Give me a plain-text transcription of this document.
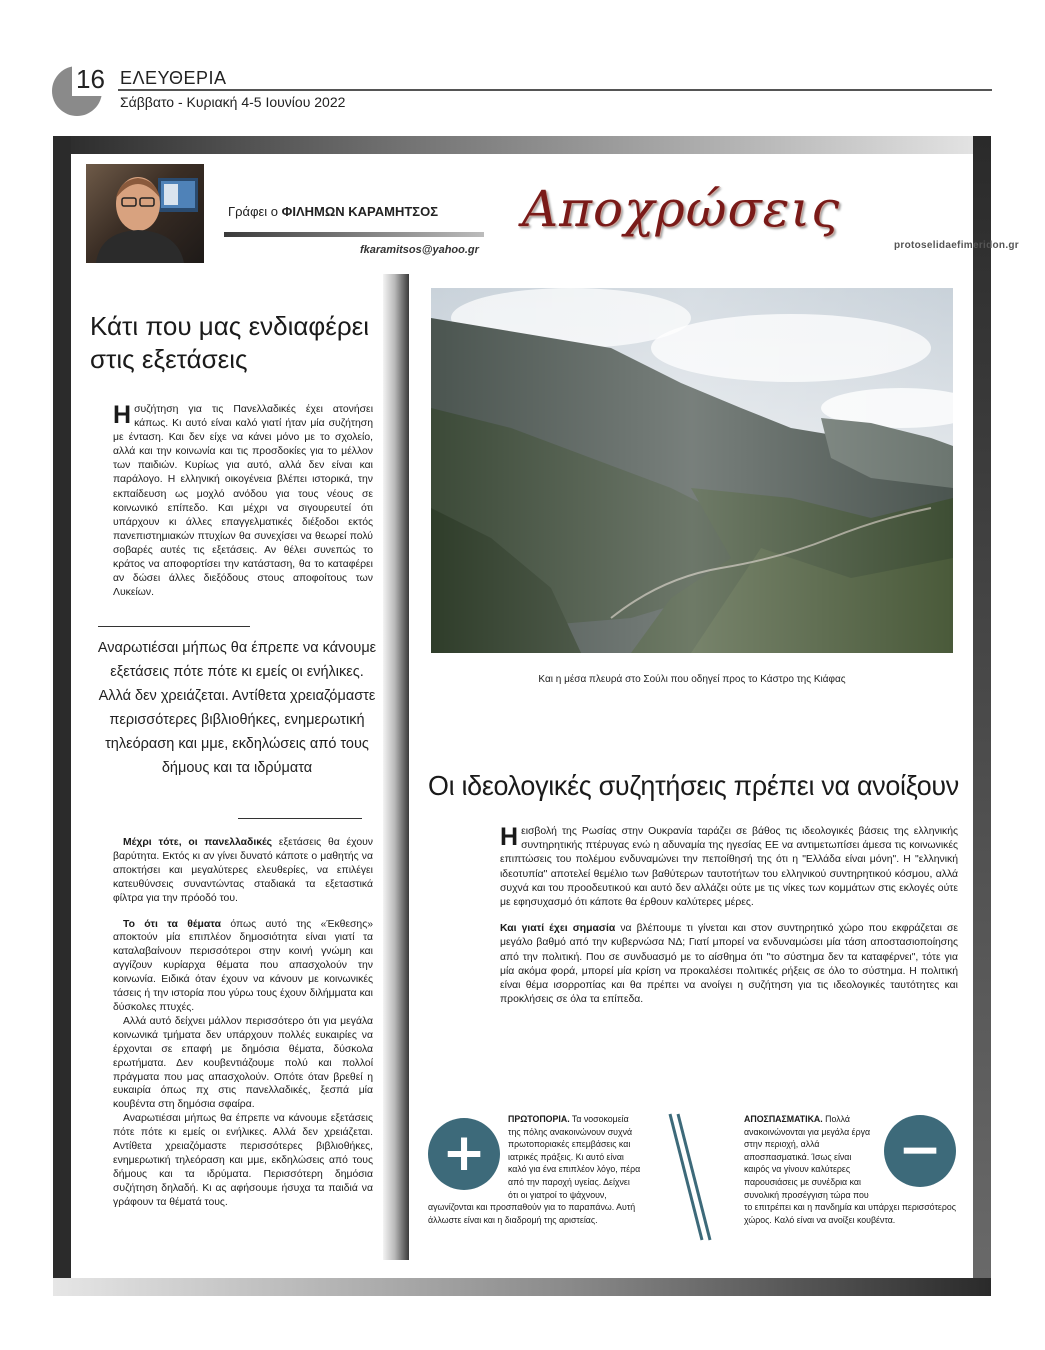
16 ΕΛΕΥΘΕΡΙΑ
Σάββατο - Κυριακή 4-5 Ιουνίου 2022
Γράφει ο ΦΙΛΗΜΩΝ ΚΑΡΑΜΗΤΣΟΣ
fkaramitsos@yahoo.gr
Αποχρώσεις
protoselidaefimeridon.gr
Κάτι που μας ενδιαφέρει
στις εξετάσεις
Ησυζήτηση για τις Πανελλαδικές έχει ατονήσει κάπως. Κι αυτό είναι καλό γιατί ήταν μία συζήτηση με ένταση. Και δεν είχε να κάνει μόνο με το σχολείο, αλλά και την κοινωνία και τις προσδοκίες για το μέλλον των παιδιών. Κυρίως για αυτό, αλλά δεν είναι και παράλογο. Η ελληνική οικογένεια βλέπει ιστορικά, την εκπαίδευση ως μοχλό ανόδου για τους νέους σε κοινωνικό επίπεδο. Και μέχρι να σιγουρευτεί ότι υπάρχουν κι άλλες επαγγελματικές διέξοδοι εκτός πανεπιστημιακών πτυχίων θα συνεχίσει να θεωρεί πολύ σοβαρές αυτές τις εξετάσεις. Αν θέλει συνεπώς το κράτος να αποφορτίσει την κατάσταση, θα το καταφέρει αν δώσει άλλες διεξόδους στους αποφοίτους των Λυκείων.
Αναρωτιέσαι μήπως θα έπρεπε να κάνουμε εξετάσεις πότε πότε κι εμείς οι ενήλικες. Αλλά δεν χρειάζεται. Αντίθετα χρειαζόμαστε περισσότερες βιβλιοθήκες, ενημερωτική τηλεόραση και μμε, εκδηλώσεις από τους δήμους και τα ιδρύματα

Μέχρι τότε, οι πανελλαδικές εξετάσεις θα έχουν βαρύτητα. Εκτός κι αν γίνει δυνατό κάποτε ο μαθητής να αποκτήσει και μεγαλύτερες ελευθερίες, να επιλέγει κατευθύνσεις συναντώντας σταδιακά τα εξεταστικά φίλτρα για την πρόοδό του.

Το ότι τα θέματα όπως αυτό της «Έκθεσης» αποκτούν μία επιπλέον δημοσιότητα είναι γιατί τα καταλαβαίνουν περισσότεροι στην κοινή γνώμη και αγγίζουν κυρίαρχα θέματα που απασχολούν την κοινωνία. Ειδικά όταν έχουν να κάνουν με κοινωνικές τάσεις ή την ιστορία που γύρω τους έχουν διλήμματα και δύσκολες πτυχές.

Αλλά αυτό δείχνει μάλλον περισσότερο ότι για μεγάλα κοινωνικά τμήματα δεν υπάρχουν πολλές ευκαιρίες να έρχονται σε επαφή με δημόσια θέματα, δύσκολα ερωτήματα. Δεν κουβεντιάζουμε πολύ και πολλοί πράγματα που μας απασχολούν. Οπότε όταν βρεθεί η ευκαιρία όπως πχ στις πανελλαδικές, ξεσπά μία κουβέντα στη δημόσια σφαίρα.

Αναρωτιέσαι μήπως θα έπρεπε να κάνουμε εξετάσεις πότε πότε κι εμείς οι ενήλικες. Αλλά δεν χρειάζεται. Αντίθετα χρειαζόμαστε περισσότερες βιβλιοθήκες, ενημερωτική τηλεόραση και μμε, εκδηλώσεις από τους δήμους και τα ιδρύματα. Περισσότερη δημόσια συζήτηση δηλαδή. Κι ας αφήσουμε ήσυχα τα παιδιά να γράφουν τα θέματά τους.

Και η μέσα πλευρά στο Σούλι που οδηγεί προς το Κάστρο της Κιάφας
Οι ιδεολογικές συζητήσεις πρέπει να ανοίξουν

Ηεισβολή της Ρωσίας στην Ουκρανία ταράζει σε βάθος τις ιδεολογικές βάσεις της ελληνικής συντηρητικής πτέρυγας ενώ η αδυναμία της ηγεσίας ΕΕ να αντιμετωπίσει άμεσα τις κοινωνικές επιπτώσεις του πολέμου ενδυναμώνει την πεποίθησή της ότι η "Ελλάδα είναι μόνη". Η "ελληνική ιδεοτυπία" αποτελεί θεμέλιο των βαθύτερων ταυτοτήτων του ελληνικού συντηρητικού κόσμου, αλλά συχνά και του προοδευτικού και αυτό δεν αλλάζει ούτε με τις νίκες των κομμάτων στις εκλογές ούτε με εφησυχασμό ότι κάποτε θα έρθουν καλύτερες μέρες.

Και γιατί έχει σημασία να βλέπουμε τι γίνεται και στον συντηρητικό χώρο που εκφράζεται σε μεγάλο βαθμό από την κυβερνώσα ΝΔ; Γιατί μπορεί να ενδυναμώσει μία τάση αποστασιοποίησης από την πολιτική. Που σε συνδυασμό με το αίσθημα ότι "το σύστημα δεν τα καταφέρνει", τότε για μία ακόμα φορά, μπορεί μία κρίση να προκαλέσει πολιτικές ρήξεις σε όλο το σύστημα. Η πολιτική είναι θέμα ισορροπίας και θα πρέπει να ανοίγει η συζήτηση για τις ιδεολογικές ταυτότητες και προκλήσεις σε όλα τα επίπεδα.

+
ΠΡΩΤΟΠΟΡΙΑ. Τα νοσοκομεία της πόλης ανακοινώνουν συχνά πρωτοποριακές επεμβάσεις και ιατρικές πράξεις. Κι αυτό είναι καλό για ένα επιπλέον λόγο, πέρα από την παροχή υγείας. Δείχνει ότι οι γιατροί το ψάχνουν, αγωνίζονται και προσπαθούν για το παραπάνω. Αυτή άλλωστε είναι και η διαδρομή της αριστείας.
−
ΑΠΟΣΠΑΣΜΑΤΙΚΑ. Πολλά ανακοινώνονται για μεγάλα έργα στην περιοχή, αλλά αποσπασματικά. Ίσως είναι καιρός να γίνουν καλύτερες παρουσιάσεις με συνέδρια και συνολική προσέγγιση τώρα που το επιτρέπει και η πανδημία και υπάρχει περισσότερος χώρος. Καλό είναι να ανοίξει κουβέντα.
